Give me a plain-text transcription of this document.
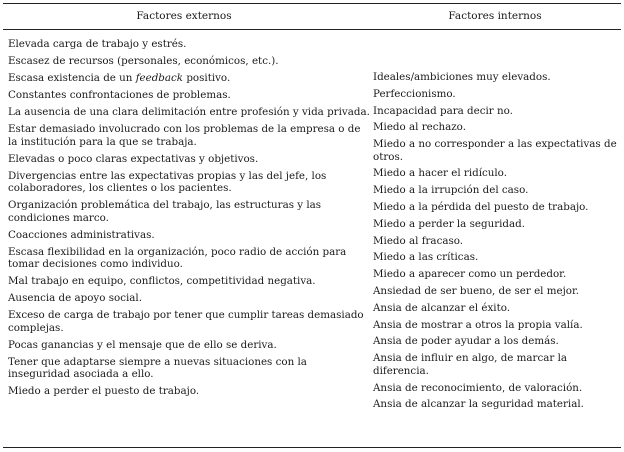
Factores externos	Factores internos
Elevada carga de trabajo y estrés.
Escasez de recursos (personales, económicos, etc.).
Escasa existencia de un feedback positivo.
Constantes confrontaciones de problemas.
La ausencia de una clara delimitación entre profesión y vida privada.
Estar demasiado involucrado con los problemas de la empresa o de la institución para la que se trabaja.
Elevadas o poco claras expectativas y objetivos.
Divergencias entre las expectativas propias y las del jefe, los colaboradores, los clientes o los pacientes.
Organización problemática del trabajo, las estructuras y las condiciones marco.
Coacciones administrativas.
Escasa flexibilidad en la organización, poco radio de acción para tomar decisiones como individuo.
Mal trabajo en equipo, conflictos, competitividad negativa.
Ausencia de apoyo social.
Exceso de carga de trabajo por tener que cumplir tareas demasiado complejas.
Pocas ganancias y el mensaje que de ello se deriva.
Tener que adaptarse siempre a nuevas situaciones con la inseguridad asociada a ello.
Miedo a perder el puesto de trabajo.
Ideales/ambiciones muy elevados.
Perfeccionismo.
Incapacidad para decir no.
Miedo al rechazo.
Miedo a no corresponder a las expectativas de otros.
Miedo a hacer el ridículo.
Miedo a la irrupción del caso.
Miedo a la pérdida del puesto de trabajo.
Miedo a perder la seguridad.
Miedo al fracaso.
Miedo a las críticas.
Miedo a aparecer como un perdedor.
Ansiedad de ser bueno, de ser el mejor.
Ansia de alcanzar el éxito.
Ansia de mostrar a otros la propia valía.
Ansia de poder ayudar a los demás.
Ansia de influir en algo, de marcar la diferencia.
Ansia de reconocimiento, de valoración.
Ansia de alcanzar la seguridad material.
